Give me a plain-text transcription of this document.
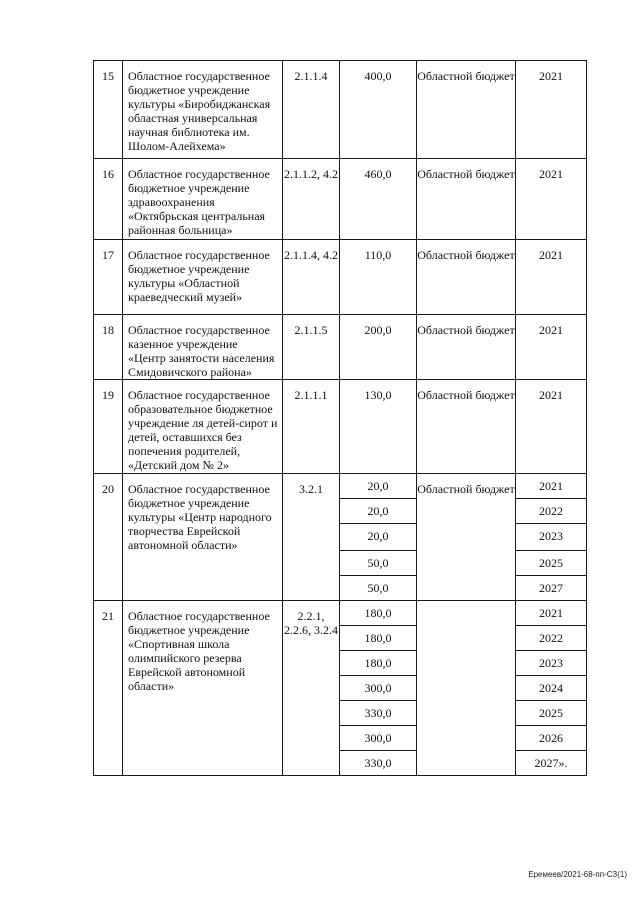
15	Областное государственное бюджетное учреждение культуры «Биробиджанская областная универсальная научная библиотека им. Шолом-Алейхема»	2.1.1.4	400,0	Областной бюджет	2021
16	Областное государственное бюджетное учреждение здравоохранения «Октябрьская центральная районная больница»	2.1.1.2, 4.2	460,0	Областной бюджет	2021
17	Областное государственное бюджетное учреждение культуры «Областной краеведческий музей»	2.1.1.4, 4.2	110,0	Областной бюджет	2021
18	Областное государственное казенное учреждение «Центр занятости населения Смидовичского района»	2.1.1.5	200,0	Областной бюджет	2021
19	Областное государственное образовательное бюджетное учреждение ля детей-сирот и детей, оставшихся без попечения родителей, «Детский дом № 2»	2.1.1.1	130,0	Областной бюджет	2021
20	Областное государственное бюджетное учреждение культуры «Центр народного творчества Еврейской автономной области»	3.2.1	20,0	Областной бюджет	2021
			20,0		2022
			20,0		2023
			50,0		2025
			50,0		2027
21	Областное государственное бюджетное учреждение «Спортивная школа олимпийского резерва Еврейской автономной области»	2.2.1, 2.2.6, 3.2.4	180,0		2021
			180,0		2022
			180,0		2023
			300,0		2024
			330,0		2025
			300,0		2026
			330,0		2027».
Еремеев/2021-68-пп-СЗ(1)
